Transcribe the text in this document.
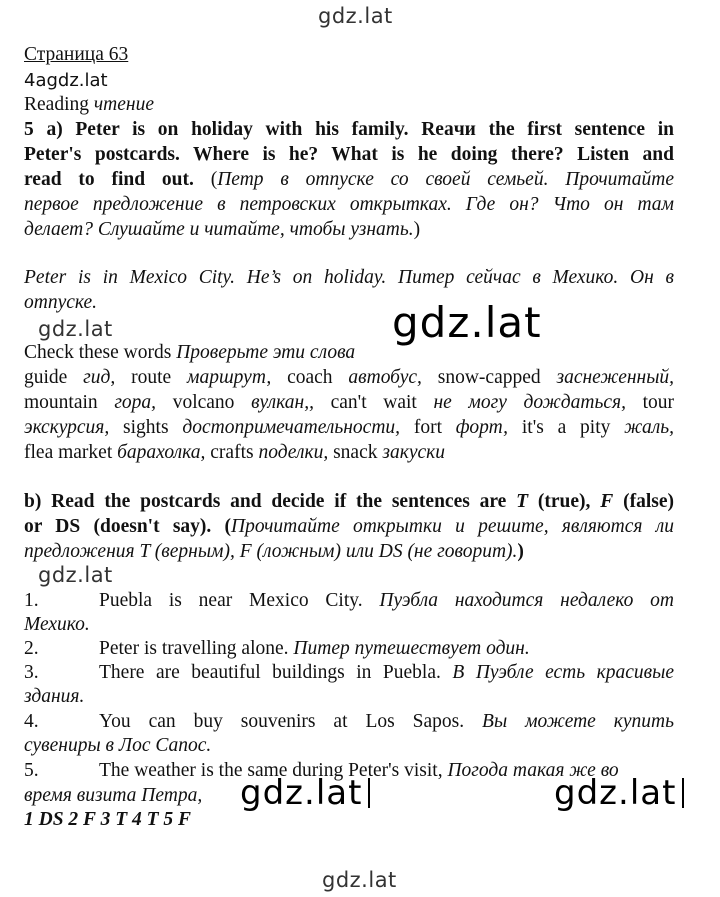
gdz.lat
gdz.lat	gdz.lat
gdz.lat
gdz.lat	gdz.lat
gdz.lat
Страница 63
4agdz.lat
Reading чтение
5 a) Peter is on holiday with his family. Reaчи the first sentence in
Peter's postcards. Where is he? What is he doing there? Listen and
read to find out. (Петр в отпуске со своей семьей. Прочитайте
первое предложение в петровских открытках. Где он? Что он там
делает? Слушайте и читайте, чтобы узнать.)
Peter is in Mexico City. He’s on holiday. Питер сейчас в Мехико. Он в
отпуске.
Check these words Проверьте эти слова
guide гид, route маршрут, coach автобус, snow-capped заснеженный,
mountain гора, volcano вулкан,, can't wait не могу дождаться, tour
экскурсия, sights достопримечательности, fort форт, it's a pity жаль,
flea market барахолка, crafts поделки, snack закуски
b) Read the postcards and decide if the sentences are T (true), F (false)
or DS (doesn't say). (Прочитайте открытки и решите, являются ли
предложения T (верным), F (ложным) или DS (не говорит).)
1.	Puebla is near Mexico City. Пуэбла находится недалеко от
Мехико.
2.	Peter is travelling alone. Питер путешествует один.
3.	There are beautiful buildings in Puebla. В Пуэбле есть красивые
здания.
4.	You can buy souvenirs at Los Sapos. Вы можете купить
сувениры в Лос Сапос.
5.	The weather is the same during Peter's visit, Погода такая же во
время визита Петра,
1 DS 2 F 3 T 4 T 5 F
